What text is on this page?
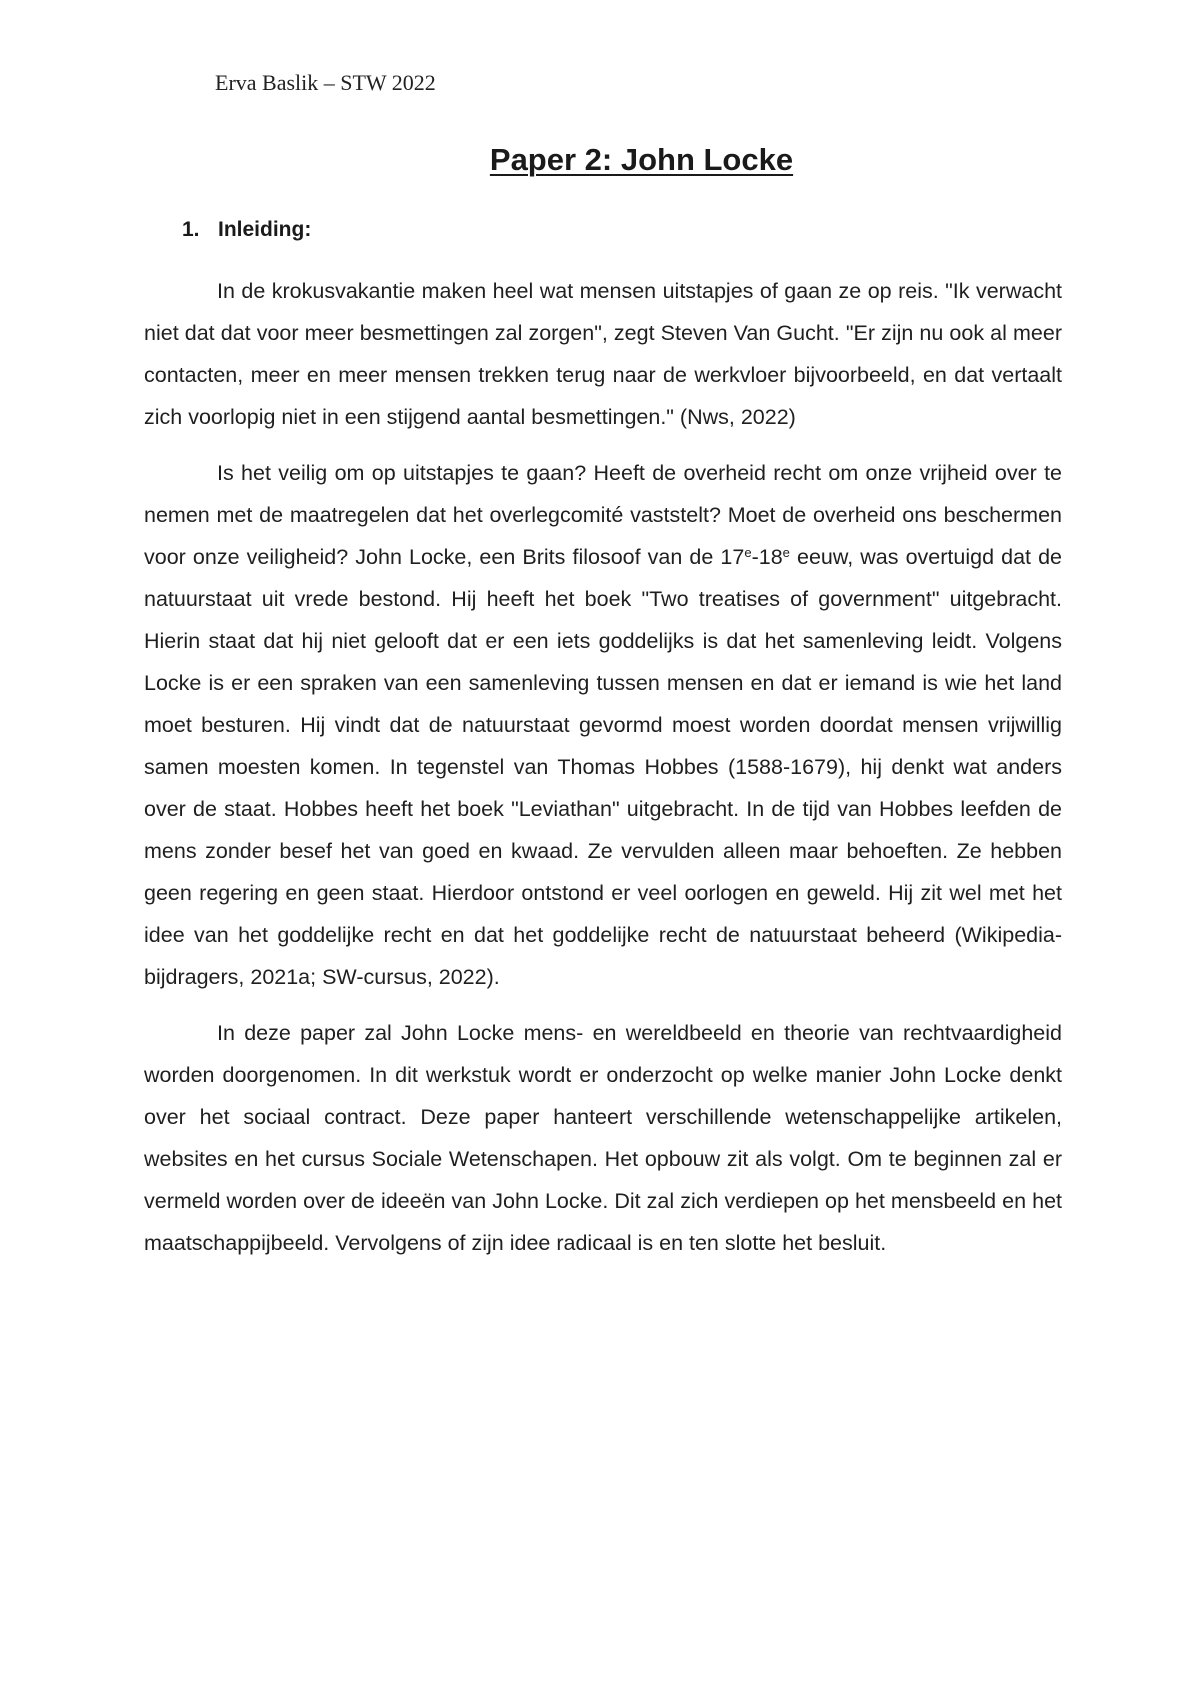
Erva Baslik – STW 2022

Paper 2: John Locke
1. Inleiding:

In de krokusvakantie maken heel wat mensen uitstapjes of gaan ze op reis. "Ik verwacht niet dat dat voor meer besmettingen zal zorgen", zegt Steven Van Gucht. "Er zijn nu ook al meer contacten, meer en meer mensen trekken terug naar de werkvloer bijvoorbeeld, en dat vertaalt zich voorlopig niet in een stijgend aantal besmettingen." (Nws, 2022)

Is het veilig om op uitstapjes te gaan? Heeft de overheid recht om onze vrijheid over te nemen met de maatregelen dat het overlegcomité vaststelt? Moet de overheid ons beschermen voor onze veiligheid? John Locke, een Brits filosoof van de 17e-18e eeuw, was overtuigd dat de natuurstaat uit vrede bestond. Hij heeft het boek "Two treatises of government" uitgebracht. Hierin staat dat hij niet gelooft dat er een iets goddelijks is dat het samenleving leidt. Volgens Locke is er een spraken van een samenleving tussen mensen en dat er iemand is wie het land moet besturen. Hij vindt dat de natuurstaat gevormd moest worden doordat mensen vrijwillig samen moesten komen. In tegenstel van Thomas Hobbes (1588-1679), hij denkt wat anders over de staat. Hobbes heeft het boek "Leviathan" uitgebracht. In de tijd van Hobbes leefden de mens zonder besef het van goed en kwaad. Ze vervulden alleen maar behoeften. Ze hebben geen regering en geen staat. Hierdoor ontstond er veel oorlogen en geweld. Hij zit wel met het idee van het goddelijke recht en dat het goddelijke recht de natuurstaat beheerd (Wikipedia-bijdragers, 2021a; SW-cursus, 2022).

In deze paper zal John Locke mens- en wereldbeeld en theorie van rechtvaardigheid worden doorgenomen. In dit werkstuk wordt er onderzocht op welke manier John Locke denkt over het sociaal contract. Deze paper hanteert verschillende wetenschappelijke artikelen, websites en het cursus Sociale Wetenschapen. Het opbouw zit als volgt. Om te beginnen zal er vermeld worden over de ideeën van John Locke. Dit zal zich verdiepen op het mensbeeld en het maatschappijbeeld. Vervolgens of zijn idee radicaal is en ten slotte het besluit.
